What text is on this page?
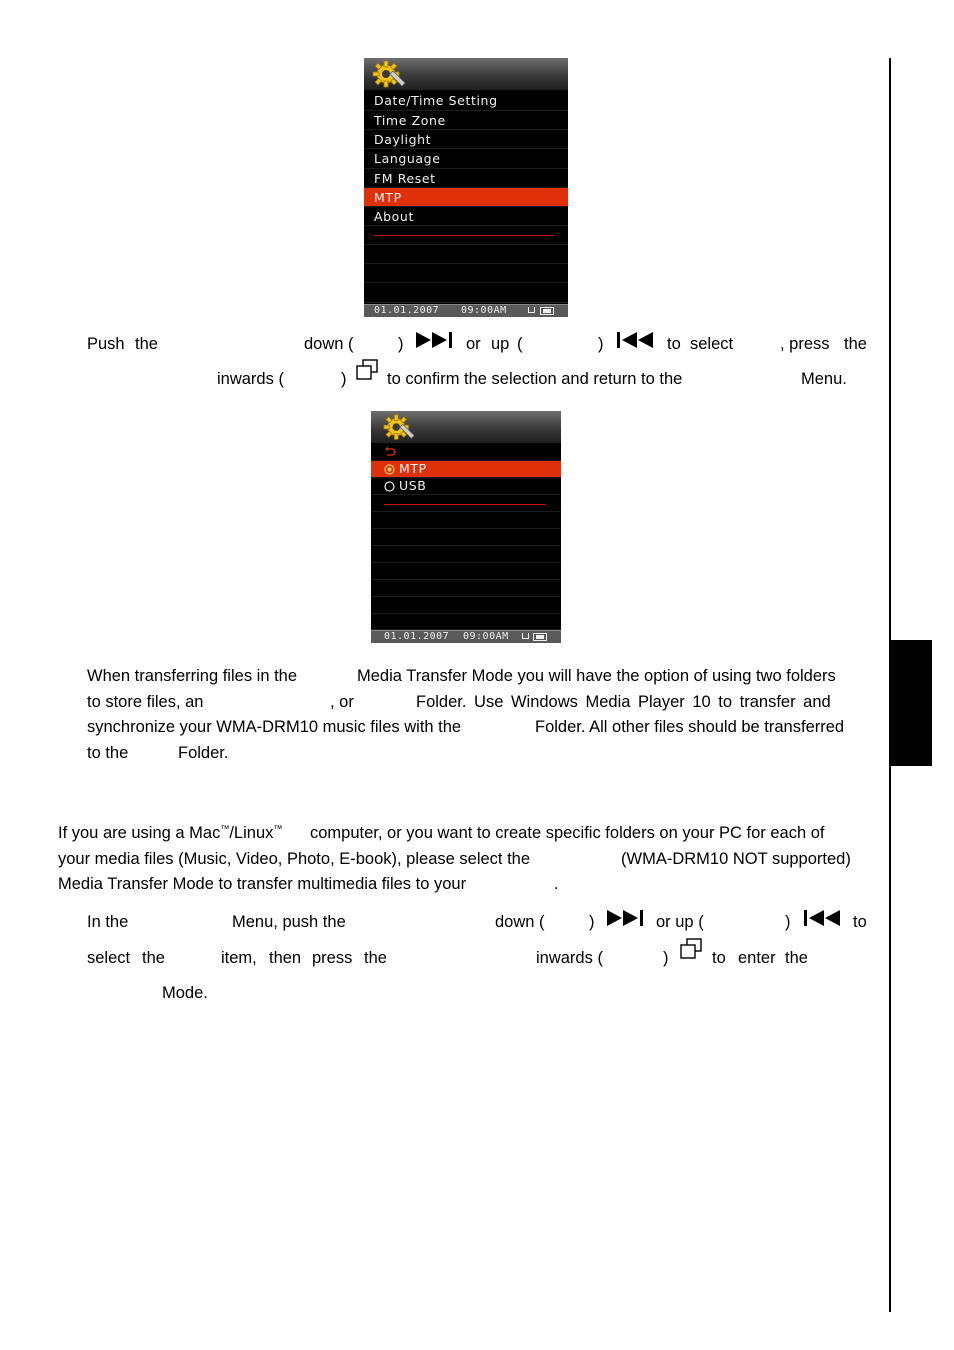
Date/Time Setting
Time Zone
Daylight
Language
FM Reset
MTP
About
01.01.2007 09:00AM
Push the	down (	)	or up (	)	to select	, press the
inwards (	) to confirm the selection and return to the	Menu.
MTP
USB
01.01.2007 09:00AM
When transferring files in the	Media Transfer Mode you will have the option of using two folders
to store files, an	, or	Folder. Use Windows Media Player 10 to transfer and
synchronize your WMA-DRM10 music files with the	Folder. All other files should be transferred
to the	Folder.
If you are using a Mac™/Linux™ computer, or you want to create specific folders on your PC for each of
your media files (Music, Video, Photo, E-book), please select the	(WMA-DRM10 NOT supported)
Media Transfer Mode to transfer multimedia files to your	.
In the	Menu, push the	down (	)	or up (	)	to
select the	item, then press the	inwards (	)	to enter the
Mode.
